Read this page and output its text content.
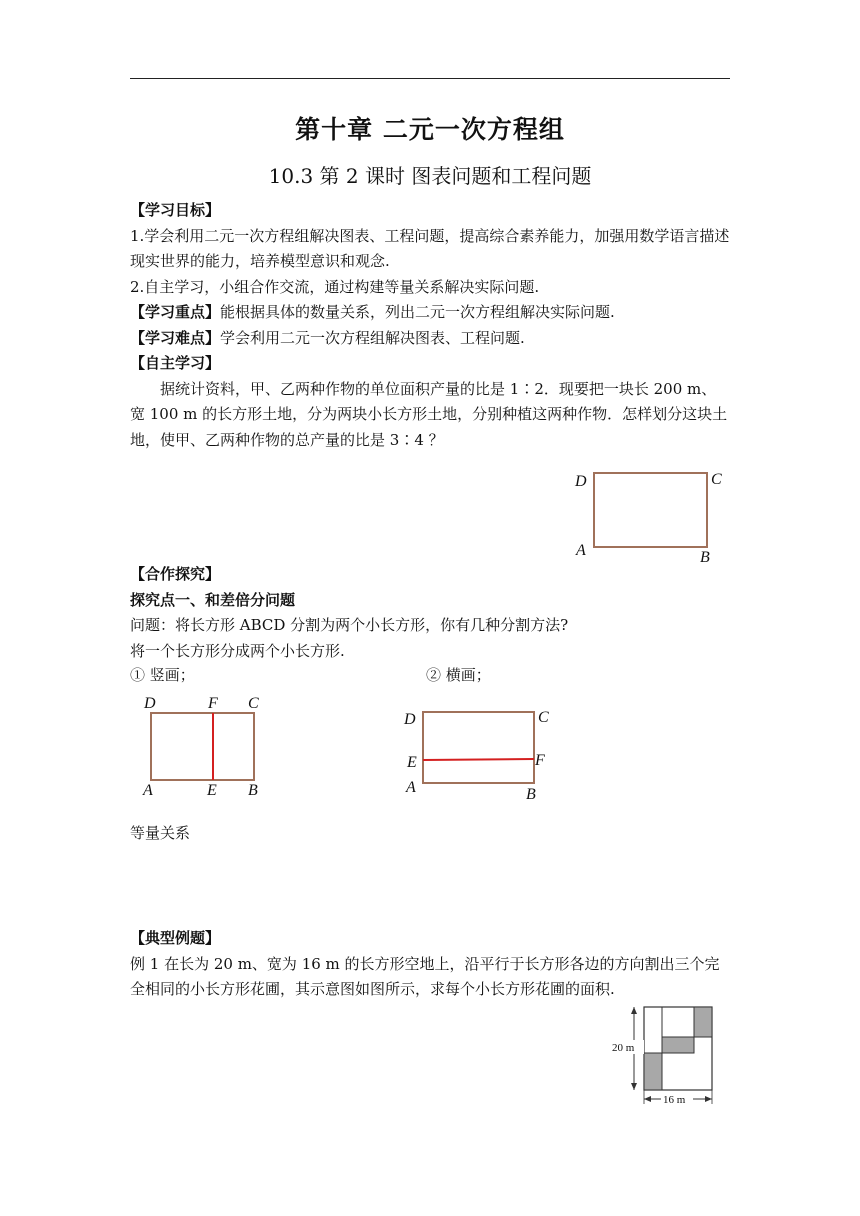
第十章 二元一次方程组
10.3 第 2 课时 图表问题和工程问题

【学习目标】

1.学会利用二元一次方程组解决图表、工程问题，提高综合素养能力，加强用数学语言描述现实世界的能力，培养模型意识和观念.

2.自主学习，小组合作交流，通过构建等量关系解决实际问题.

【学习重点】能根据具体的数量关系，列出二元一次方程组解决实际问题.

【学习难点】学会利用二元一次方程组解决图表、工程问题.

【自主学习】

据统计资料，甲、乙两种作物的单位面积产量的比是 1∶2．现要把一块长 200 m、宽 100 m 的长方形土地，分为两块小长方形土地，分别种植这两种作物．怎样划分这块土地，使甲、乙两种作物的总产量的比是 3∶4 ？

D	C
A	B

【合作探究】

探究点一、和差倍分问题

问题：将长方形 ABCD 分割为两个小长方形，你有几种分割方法?

将一个长方形分成两个小长方形.

① 竖画；	② 横画；
D	F C
A	E B
D	C
E	F
A	B
等量关系

【典型例题】

例 1 在长为 20 m、宽为 16 m 的长方形空地上，沿平行于长方形各边的方向割出三个完全相同的小长方形花圃，其示意图如图所示，求每个小长方形花圃的面积.

20 m
16 m
